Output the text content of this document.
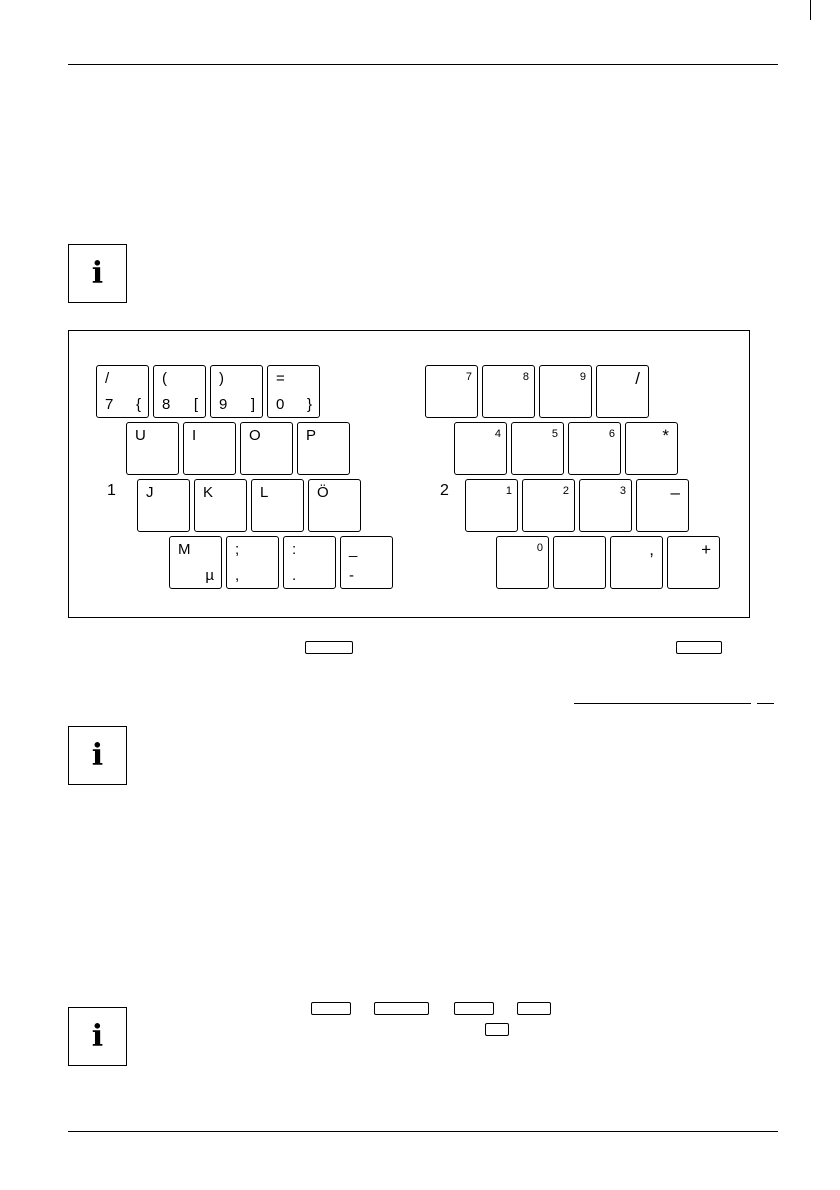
i
1	2
/
7 {
(
8 [
)
9 ]
=
0 }
U	I	O	P
J	K	L	Ö
M
µ
;
,
:
.
_
-
7	8	9	/
4	5	6	*
1	2	3	–
0	,	+
i
i
